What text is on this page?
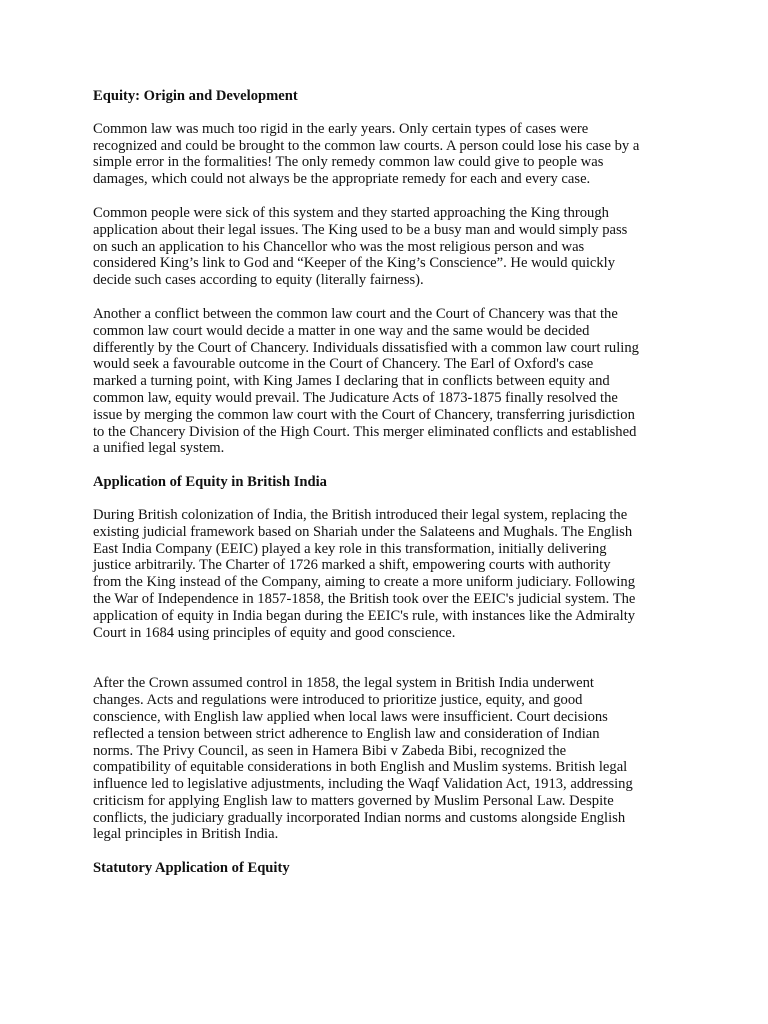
Equity: Origin and Development
Common law was much too rigid in the early years. Only certain types of cases were
recognized and could be brought to the common law courts. A person could lose his case by a
simple error in the formalities! The only remedy common law could give to people was
damages, which could not always be the appropriate remedy for each and every case.
Common people were sick of this system and they started approaching the King through
application about their legal issues. The King used to be a busy man and would simply pass
on such an application to his Chancellor who was the most religious person and was
considered King’s link to God and “Keeper of the King’s Conscience”. He would quickly
decide such cases according to equity (literally fairness).
Another a conflict between the common law court and the Court of Chancery was that the
common law court would decide a matter in one way and the same would be decided
differently by the Court of Chancery. Individuals dissatisfied with a common law court ruling
would seek a favourable outcome in the Court of Chancery. The Earl of Oxford's case
marked a turning point, with King James I declaring that in conflicts between equity and
common law, equity would prevail. The Judicature Acts of 1873-1875 finally resolved the
issue by merging the common law court with the Court of Chancery, transferring jurisdiction
to the Chancery Division of the High Court. This merger eliminated conflicts and established
a unified legal system.
Application of Equity in British India
During British colonization of India, the British introduced their legal system, replacing the
existing judicial framework based on Shariah under the Salateens and Mughals. The English
East India Company (EEIC) played a key role in this transformation, initially delivering
justice arbitrarily. The Charter of 1726 marked a shift, empowering courts with authority
from the King instead of the Company, aiming to create a more uniform judiciary. Following
the War of Independence in 1857-1858, the British took over the EEIC's judicial system. The
application of equity in India began during the EEIC's rule, with instances like the Admiralty
Court in 1684 using principles of equity and good conscience.
After the Crown assumed control in 1858, the legal system in British India underwent
changes. Acts and regulations were introduced to prioritize justice, equity, and good
conscience, with English law applied when local laws were insufficient. Court decisions
reflected a tension between strict adherence to English law and consideration of Indian
norms. The Privy Council, as seen in Hamera Bibi v Zabeda Bibi, recognized the
compatibility of equitable considerations in both English and Muslim systems. British legal
influence led to legislative adjustments, including the Waqf Validation Act, 1913, addressing
criticism for applying English law to matters governed by Muslim Personal Law. Despite
conflicts, the judiciary gradually incorporated Indian norms and customs alongside English
legal principles in British India.
Statutory Application of Equity
